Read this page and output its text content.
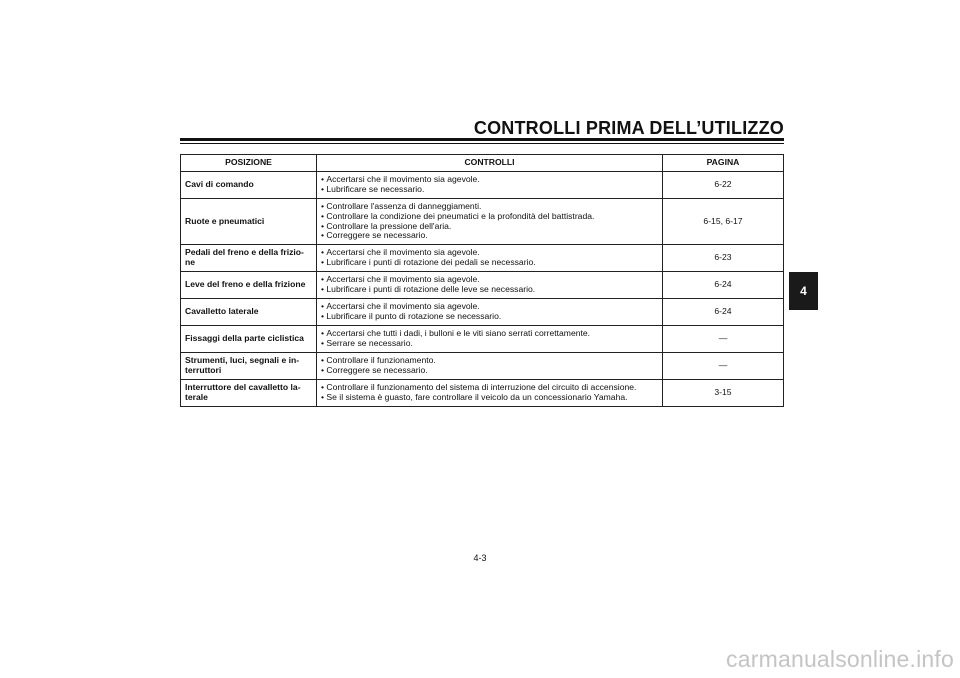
CONTROLLI PRIMA DELL’UTILIZZO
POSIZIONE	CONTROLLI	PAGINA
Cavi di comando	• Accertarsi che il movimento sia agevole.
• Lubrificare se necessario.	6-22
Ruote e pneumatici	• Controllare l'assenza di danneggiamenti.
• Controllare la condizione dei pneumatici e la profondità del battistrada.
• Controllare la pressione dell'aria.
• Correggere se necessario.	6-15, 6-17
Pedali del freno e della frizio-
ne	• Accertarsi che il movimento sia agevole.
• Lubrificare i punti di rotazione dei pedali se necessario.	6-23
Leve del freno e della frizione	• Accertarsi che il movimento sia agevole.
• Lubrificare i punti di rotazione delle leve se necessario.	6-24
Cavalletto laterale	• Accertarsi che il movimento sia agevole.
• Lubrificare il punto di rotazione se necessario.	6-24
Fissaggi della parte ciclistica	• Accertarsi che tutti i dadi, i bulloni e le viti siano serrati correttamente.
• Serrare se necessario.	—
Strumenti, luci, segnali e in-
terruttori	• Controllare il funzionamento.
• Correggere se necessario.	—
Interruttore del cavalletto la-
terale	• Controllare il funzionamento del sistema di interruzione del circuito di accensione.
• Se il sistema è guasto, fare controllare il veicolo da un concessionario Yamaha.	3-15
4
4-3
carmanualsonline.info
